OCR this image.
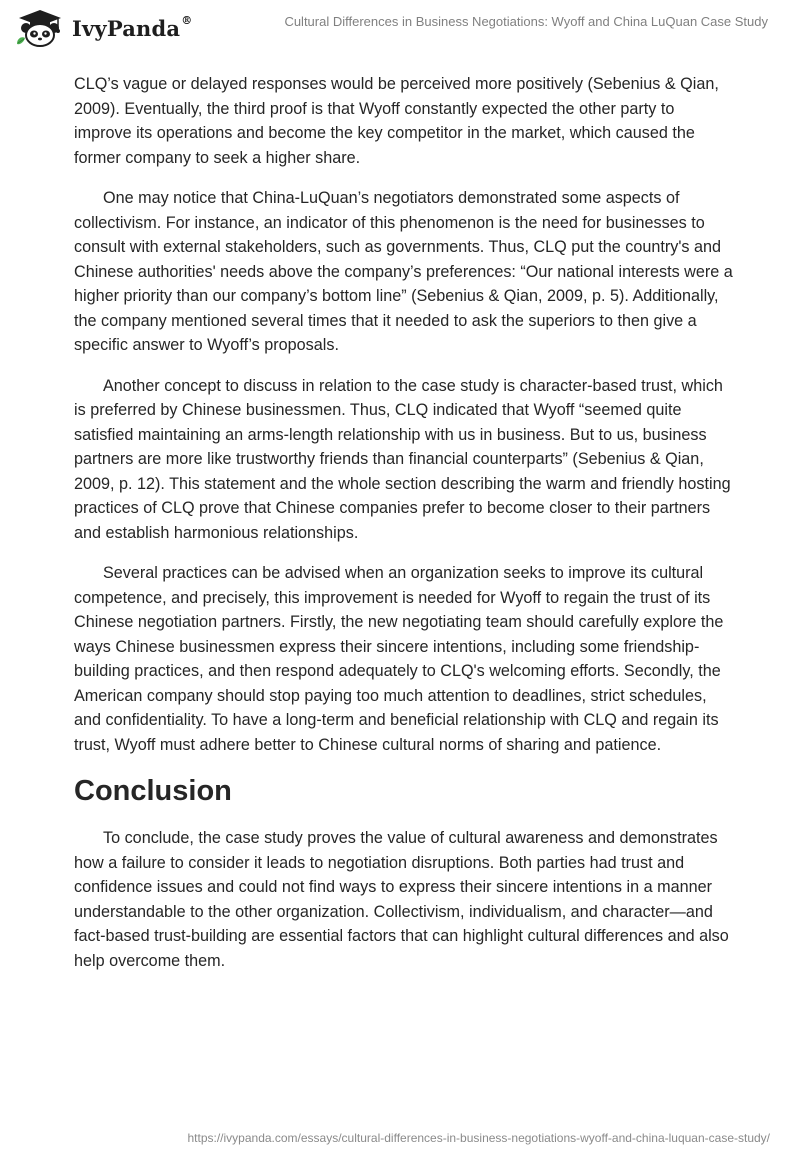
IvyPanda®	Cultural Differences in Business Negotiations: Wyoff and China LuQuan Case Study

CLQ’s vague or delayed responses would be perceived more positively (Sebenius & Qian, 2009). Eventually, the third proof is that Wyoff constantly expected the other party to improve its operations and become the key competitor in the market, which caused the former company to seek a higher share.

One may notice that China-LuQuan’s negotiators demonstrated some aspects of collectivism. For instance, an indicator of this phenomenon is the need for businesses to consult with external stakeholders, such as governments. Thus, CLQ put the country's and Chinese authorities' needs above the company’s preferences: “Our national interests were a higher priority than our company’s bottom line” (Sebenius & Qian, 2009, p. 5). Additionally, the company mentioned several times that it needed to ask the superiors to then give a specific answer to Wyoff’s proposals.

Another concept to discuss in relation to the case study is character-based trust, which is preferred by Chinese businessmen. Thus, CLQ indicated that Wyoff “seemed quite satisfied maintaining an arms-length relationship with us in business. But to us, business partners are more like trustworthy friends than financial counterparts” (Sebenius & Qian, 2009, p. 12). This statement and the whole section describing the warm and friendly hosting practices of CLQ prove that Chinese companies prefer to become closer to their partners and establish harmonious relationships.

Several practices can be advised when an organization seeks to improve its cultural competence, and precisely, this improvement is needed for Wyoff to regain the trust of its Chinese negotiation partners. Firstly, the new negotiating team should carefully explore the ways Chinese businessmen express their sincere intentions, including some friendship-building practices, and then respond adequately to CLQ's welcoming efforts. Secondly, the American company should stop paying too much attention to deadlines, strict schedules, and confidentiality. To have a long-term and beneficial relationship with CLQ and regain its trust, Wyoff must adhere better to Chinese cultural norms of sharing and patience.

Conclusion

To conclude, the case study proves the value of cultural awareness and demonstrates how a failure to consider it leads to negotiation disruptions. Both parties had trust and confidence issues and could not find ways to express their sincere intentions in a manner understandable to the other organization. Collectivism, individualism, and character—and fact-based trust-building are essential factors that can highlight cultural differences and also help overcome them.

https://ivypanda.com/essays/cultural-differences-in-business-negotiations-wyoff-and-china-luquan-case-study/
